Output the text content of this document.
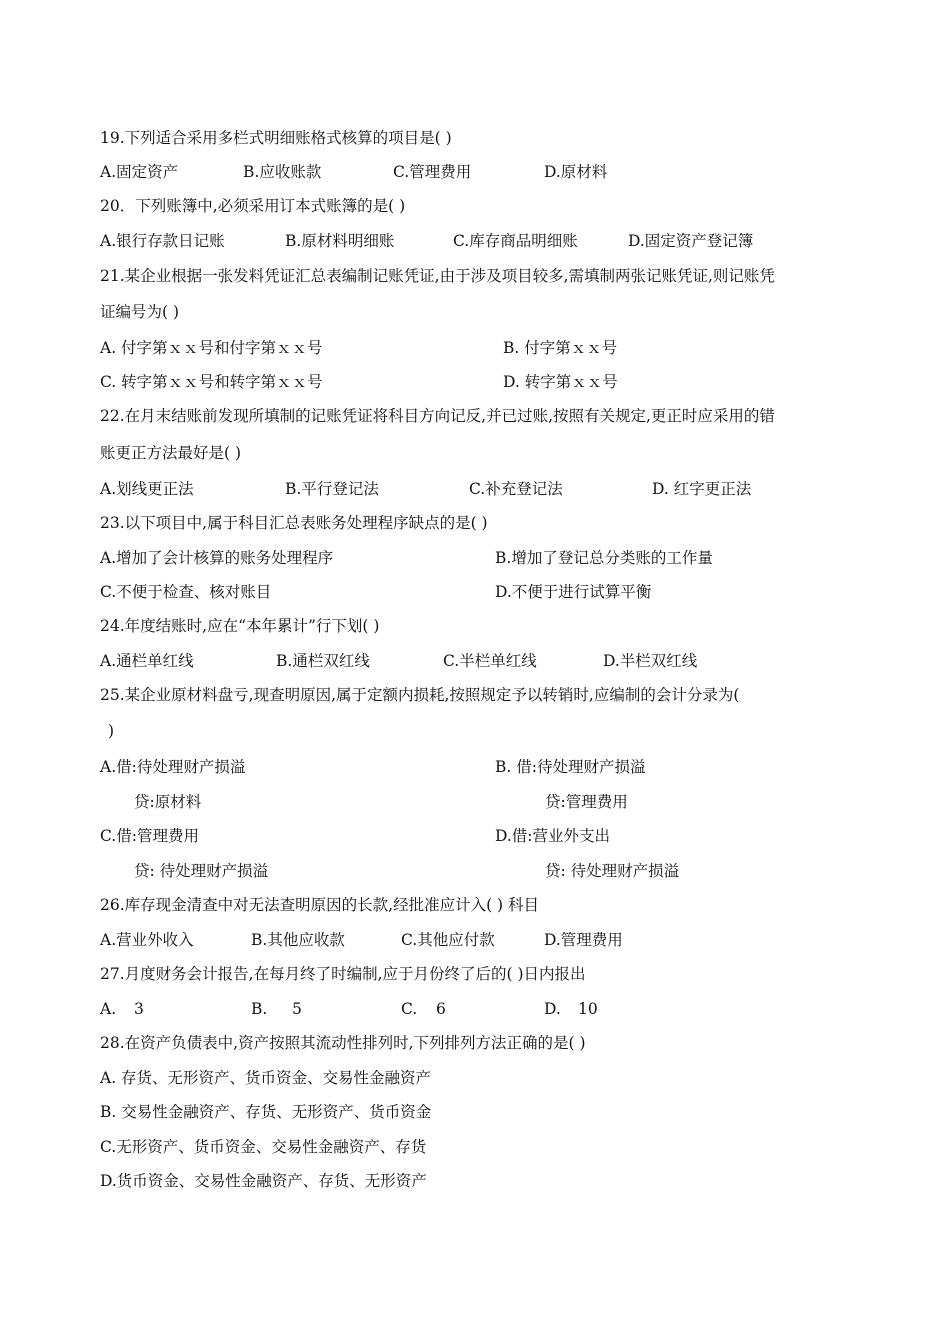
19.下列适合采用多栏式明细账格式核算的项目是( )
A.固定资产	B.应收账款	C.管理费用	D.原材料
20．下列账簿中,必须采用订本式账簿的是( )
A.银行存款日记账	B.原材料明细账	C.库存商品明细账	D.固定资产登记簿
21.某企业根据一张发料凭证汇总表编制记账凭证,由于涉及项目较多,需填制两张记账凭证,则记账凭
证编号为( )
A. 付字第ｘｘ号和付字第ｘｘ号	B. 付字第ｘｘ号
C. 转字第ｘｘ号和转字第ｘｘ号	D. 转字第ｘｘ号
22.在月末结账前发现所填制的记账凭证将科目方向记反,并已过账,按照有关规定,更正时应采用的错
账更正方法最好是( )
A.划线更正法	B.平行登记法	C.补充登记法	D. 红字更正法
23.以下项目中,属于科目汇总表账务处理程序缺点的是( )
A.增加了会计核算的账务处理程序	B.增加了登记总分类账的工作量
C.不便于检查、核对账目	D.不便于进行试算平衡
24.年度结账时,应在“本年累计”行下划( )
A.通栏单红线	B.通栏双红线	C.半栏单红线	D.半栏双红线
25.某企业原材料盘亏,现查明原因,属于定额内损耗,按照规定予以转销时,应编制的会计分录为(
)
A.借:待处理财产损溢	B. 借:待处理财产损溢
贷:原材料	贷:管理费用
C.借:管理费用	D.借:营业外支出
贷: 待处理财产损溢	贷: 待处理财产损溢
26.库存现金清查中对无法查明原因的长款,经批准应计入( ) 科目
A.营业外收入	B.其他应收款	C.其他应付款	D.管理费用
27.月度财务会计报告,在每月终了时编制,应于月份终了后的( )日内报出
A. 3	B. 5	C. 6	D. 10
28.在资产负债表中,资产按照其流动性排列时,下列排列方法正确的是( )
A. 存货、无形资产、货币资金、交易性金融资产
B. 交易性金融资产、存货、无形资产、货币资金
C.无形资产、货币资金、交易性金融资产、存货
D.货币资金、交易性金融资产、存货、无形资产
